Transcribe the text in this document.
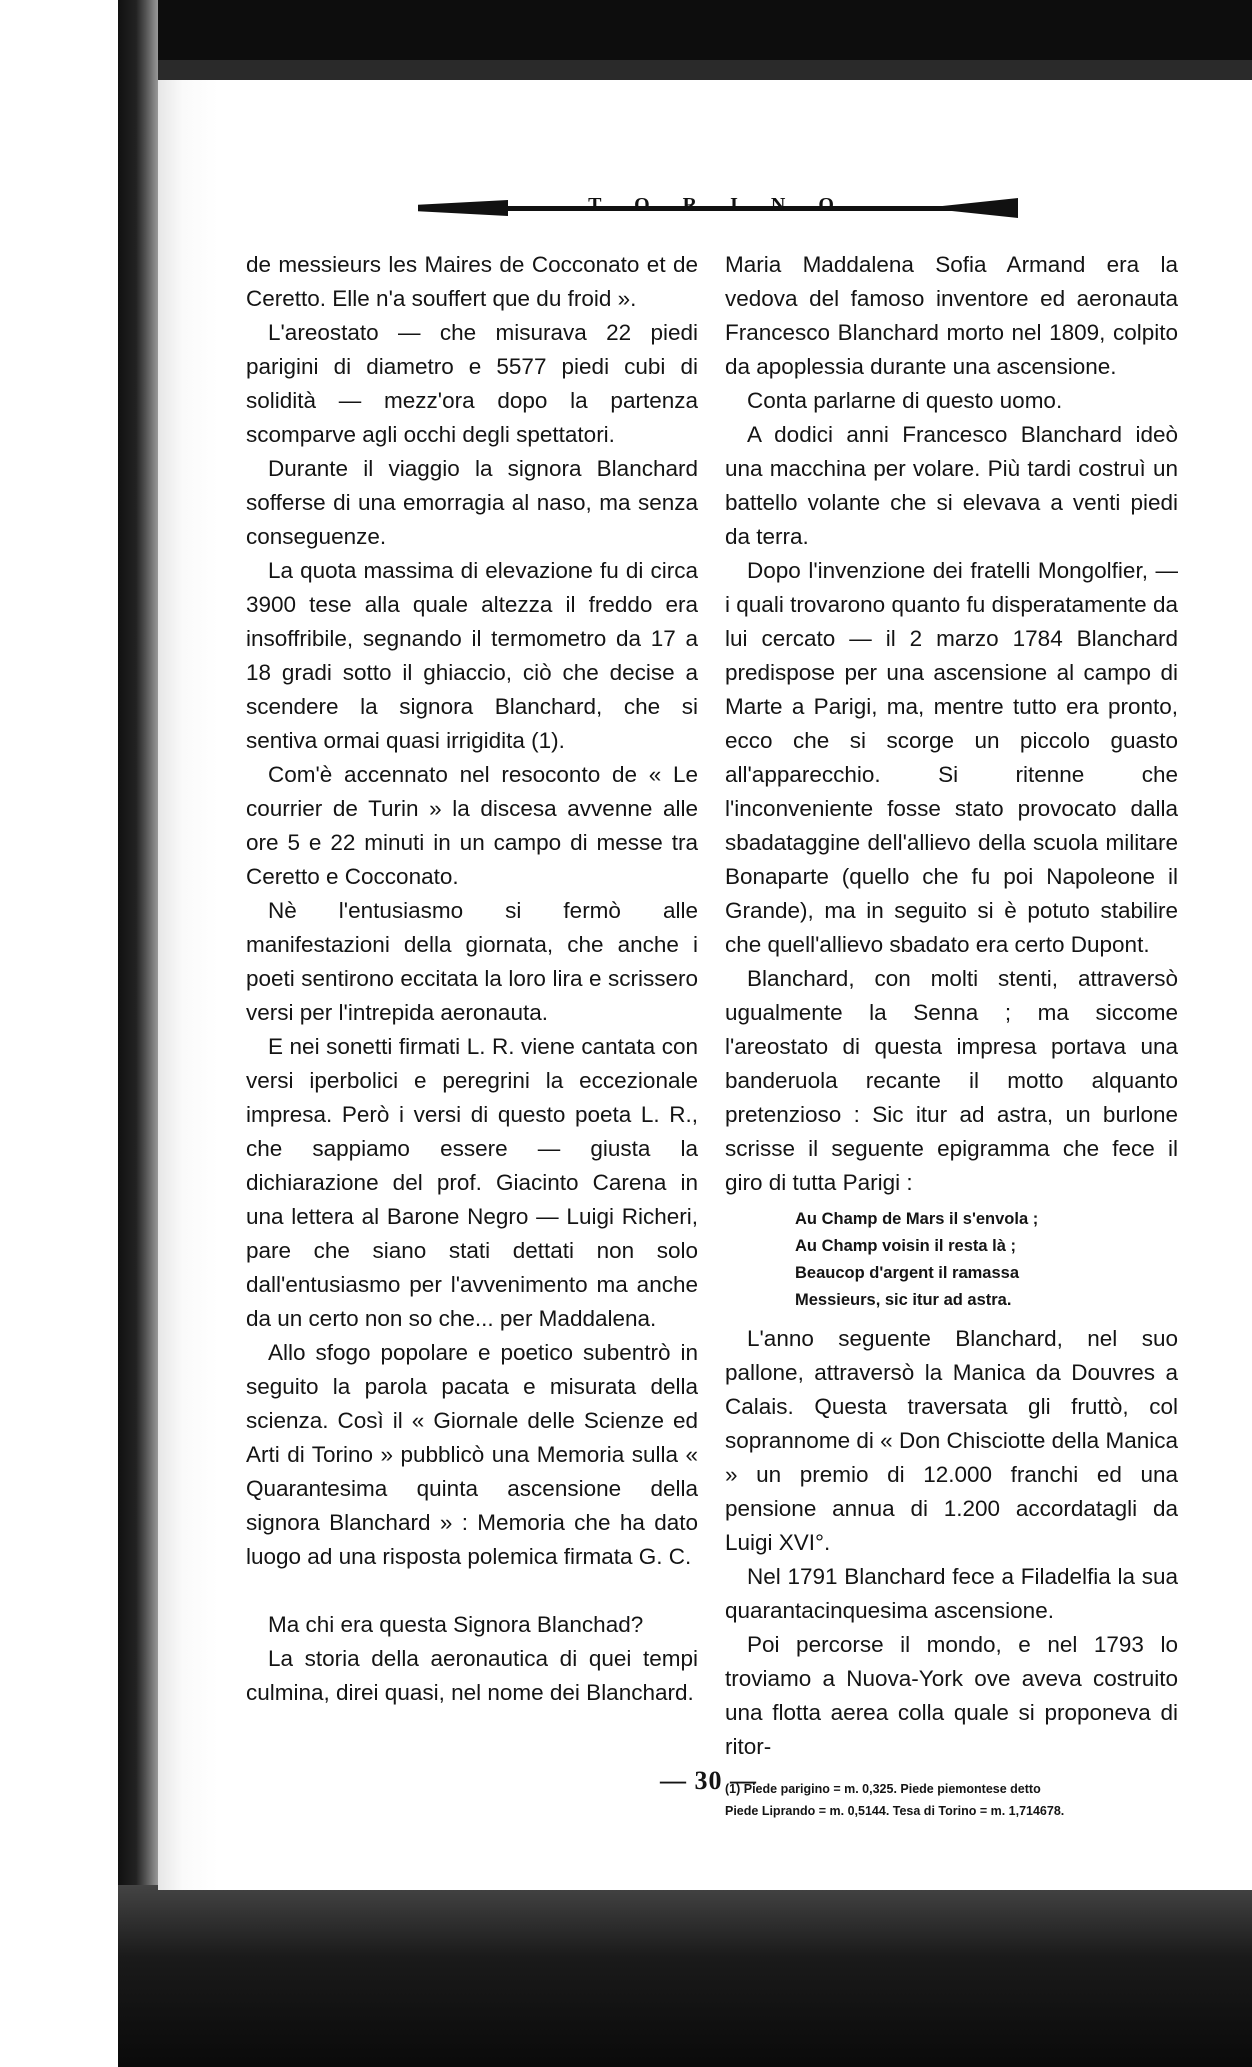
T O R I N O

de messieurs les Maires de Cocconato et de Ceretto. Elle n'a souffert que du froid ».

L'areostato — che misurava 22 piedi parigini di diametro e 5577 piedi cubi di solidità — mezz'ora dopo la partenza scomparve agli occhi degli spettatori.

Durante il viaggio la signora Blanchard sofferse di una emorragia al naso, ma senza conseguenze.

La quota massima di elevazione fu di circa 3900 tese alla quale altezza il freddo era insoffribile, segnando il termometro da 17 a 18 gradi sotto il ghiaccio, ciò che decise a scendere la signora Blanchard, che si sentiva ormai quasi irrigidita (1).

Com'è accennato nel resoconto de « Le courrier de Turin » la discesa avvenne alle ore 5 e 22 minuti in un campo di messe tra Ceretto e Cocconato.

Nè l'entusiasmo si fermò alle manifestazioni della giornata, che anche i poeti sentirono eccitata la loro lira e scrissero versi per l'intrepida aeronauta.

E nei sonetti firmati L. R. viene cantata con versi iperbolici e peregrini la eccezionale impresa. Però i versi di questo poeta L. R., che sappiamo essere — giusta la dichiarazione del prof. Giacinto Carena in una lettera al Barone Negro — Luigi Richeri, pare che siano stati dettati non solo dall'entusiasmo per l'avvenimento ma anche da un certo non so che... per Maddalena.

Allo sfogo popolare e poetico subentrò in seguito la parola pacata e misurata della scienza. Così il « Giornale delle Scienze ed Arti di Torino » pubblicò una Memoria sulla « Quarantesima quinta ascensione della signora Blanchard » : Memoria che ha dato luogo ad una risposta polemica firmata G. C.

Ma chi era questa Signora Blanchad?

La storia della aeronautica di quei tempi culmina, direi quasi, nel nome dei Blanchard.

Maria Maddalena Sofia Armand era la vedova del famoso inventore ed aeronauta Francesco Blanchard morto nel 1809, colpito da apoplessia durante una ascensione.

Conta parlarne di questo uomo.

A dodici anni Francesco Blanchard ideò una macchina per volare. Più tardi costruì un battello volante che si elevava a venti piedi da terra.

Dopo l'invenzione dei fratelli Mongolfier, — i quali trovarono quanto fu disperatamente da lui cercato — il 2 marzo 1784 Blanchard predispose per una ascensione al campo di Marte a Parigi, ma, mentre tutto era pronto, ecco che si scorge un piccolo guasto all'apparecchio. Si ritenne che l'inconveniente fosse stato provocato dalla sbadataggine dell'allievo della scuola militare Bonaparte (quello che fu poi Napoleone il Grande), ma in seguito si è potuto stabilire che quell'allievo sbadato era certo Dupont.

Blanchard, con molti stenti, attraversò ugualmente la Senna ; ma siccome l'areostato di questa impresa portava una banderuola recante il motto alquanto pretenzioso : Sic itur ad astra, un burlone scrisse il seguente epigramma che fece il giro di tutta Parigi :

Au Champ de Mars il s'envola ;
Au Champ voisin il resta là ;
Beaucop d'argent il ramassa
Messieurs, sic itur ad astra.

L'anno seguente Blanchard, nel suo pallone, attraversò la Manica da Douvres a Calais. Questa traversata gli fruttò, col soprannome di « Don Chisciotte della Manica » un premio di 12.000 franchi ed una pensione annua di 1.200 accordatagli da Luigi XVI°.

Nel 1791 Blanchard fece a Filadelfia la sua quarantacinquesima ascensione.

Poi percorse il mondo, e nel 1793 lo troviamo a Nuova-York ove aveva costruito una flotta aerea colla quale si proponeva di ritor-

(1) Piede parigino = m. 0,325. Piede piemontese detto
Piede Liprando = m. 0,5144. Tesa di Torino = m. 1,714678.
— 30 —
